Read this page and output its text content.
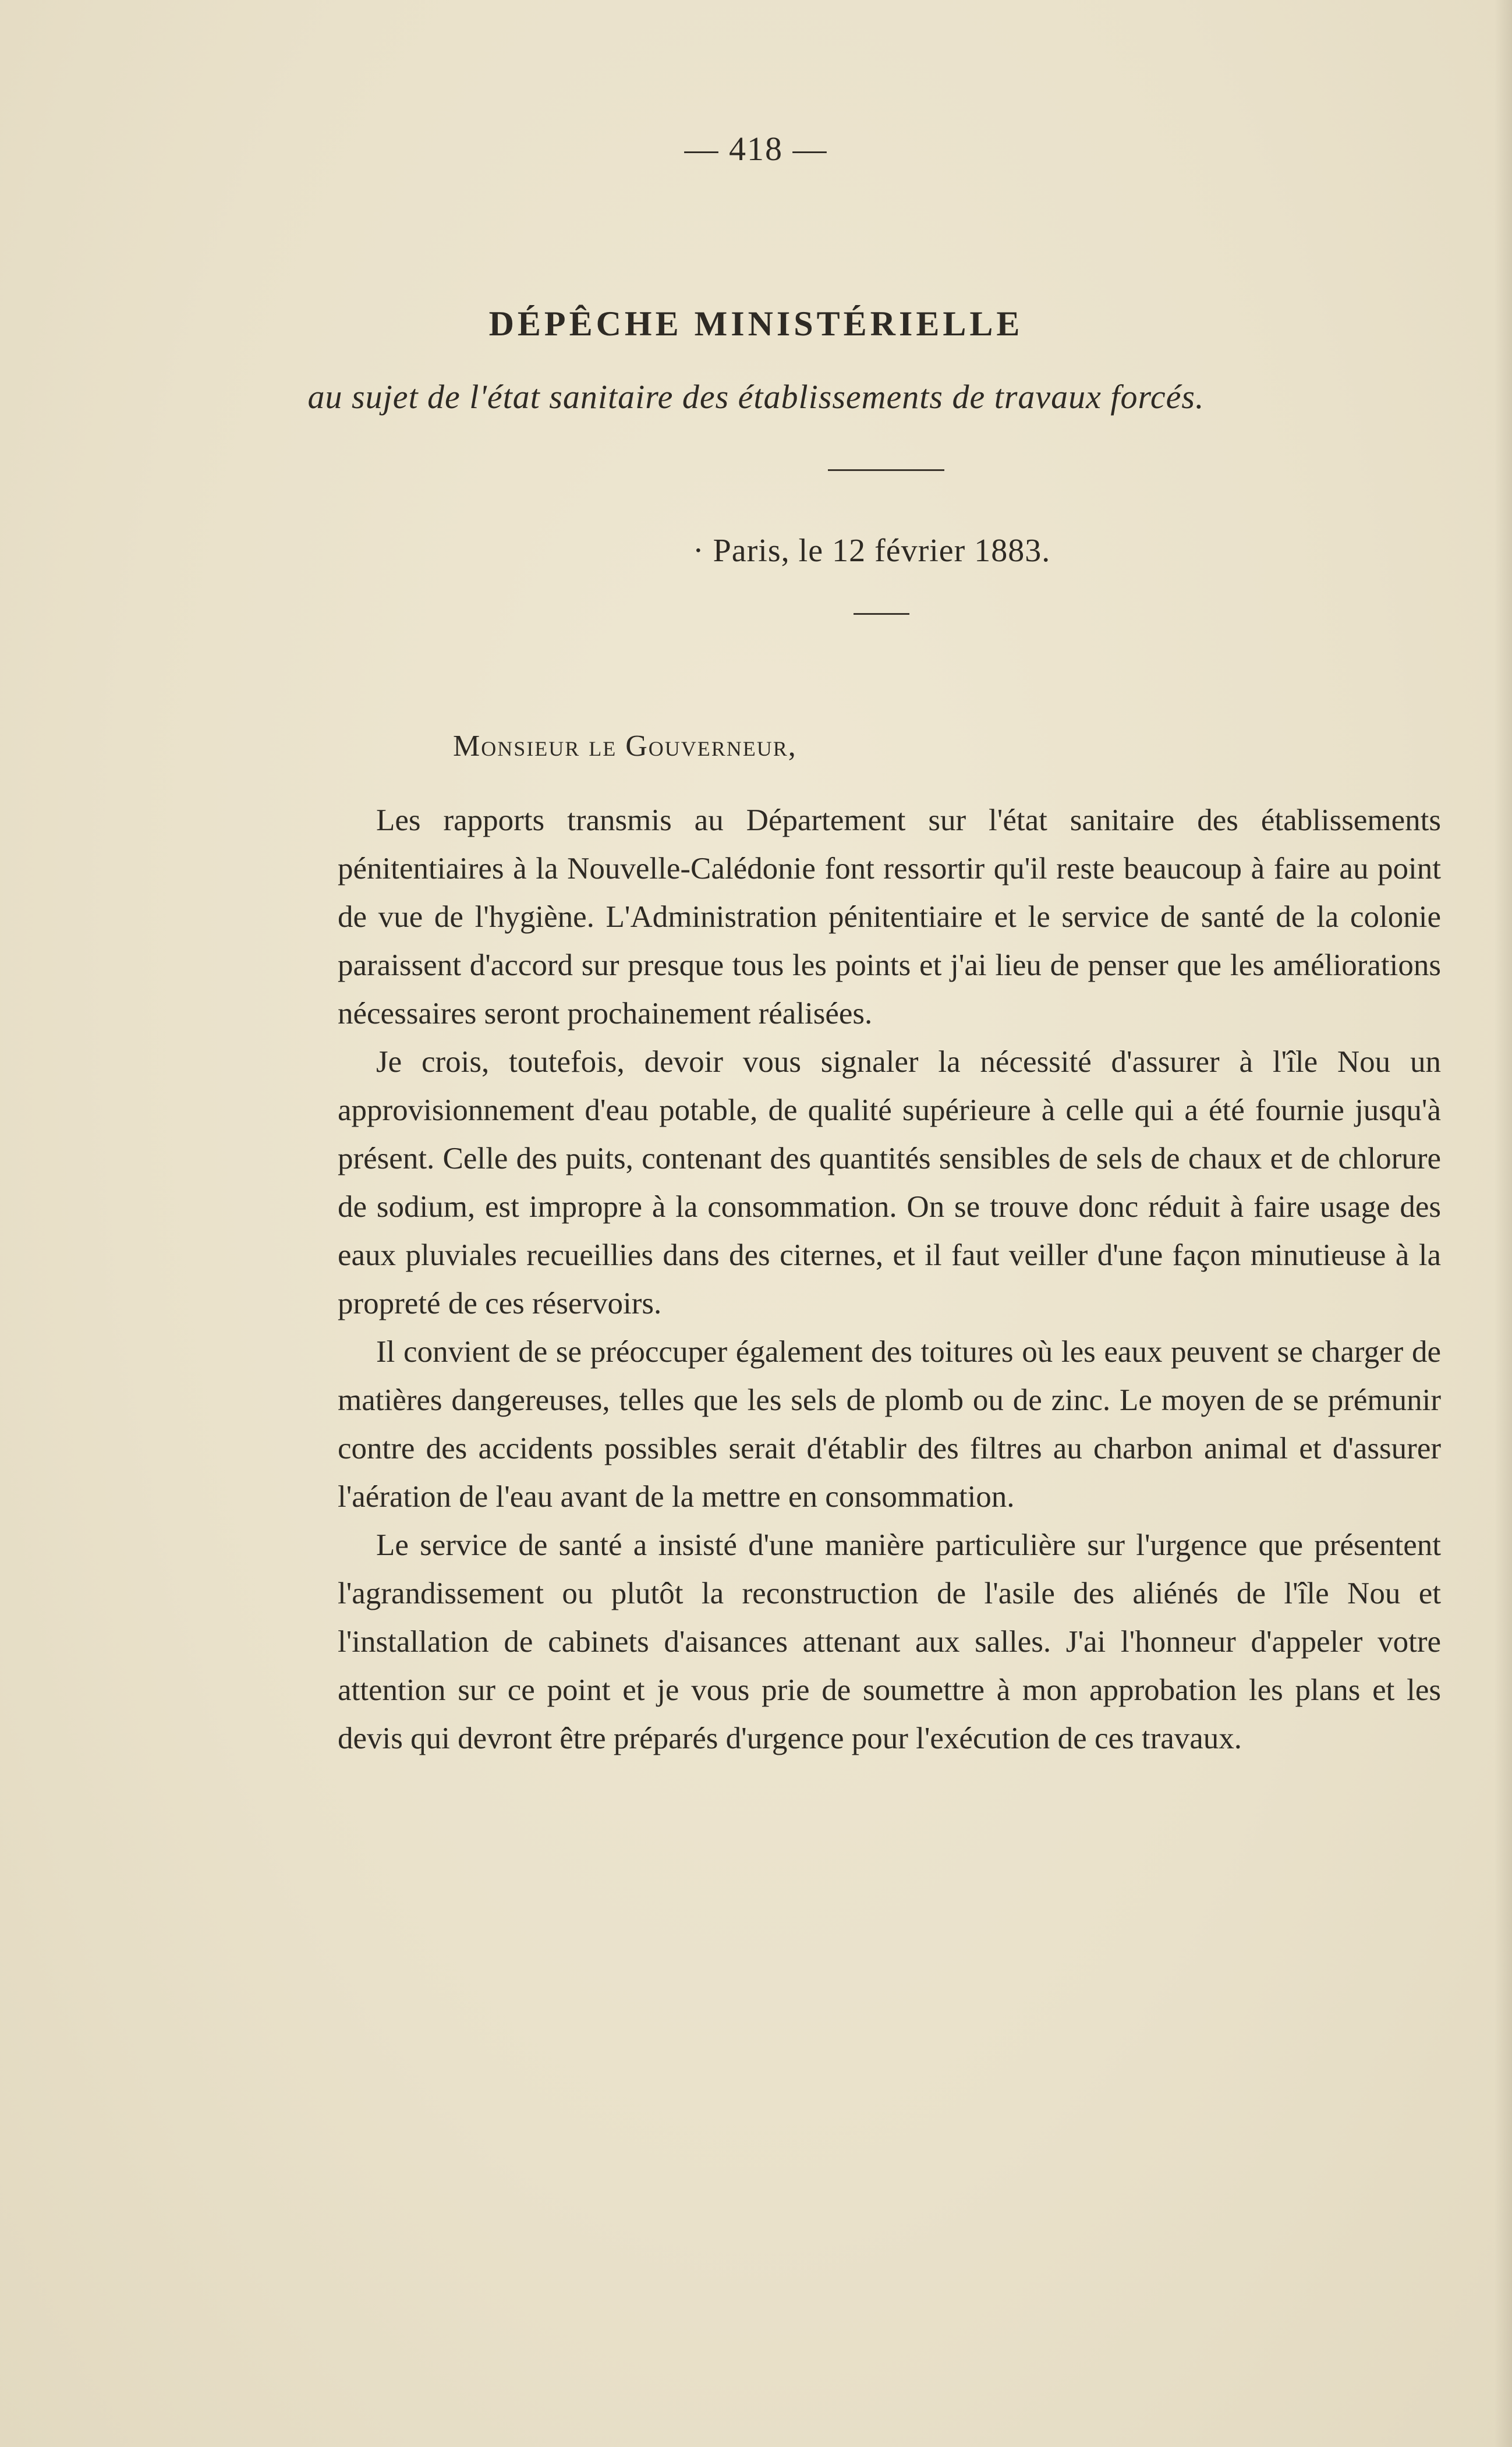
— 418 —
DÉPÊCHE MINISTÉRIELLE
au sujet de l'état sanitaire des établissements de travaux forcés.
· Paris, le 12 février 1883.
Monsieur le Gouverneur,

Les rapports transmis au Département sur l'état sanitaire des établissements pénitentiaires à la Nouvelle-Calédonie font ressortir qu'il reste beaucoup à faire au point de vue de l'hygiène. L'Administration pénitentiaire et le service de santé de la colonie paraissent d'accord sur presque tous les points et j'ai lieu de penser que les améliorations nécessaires seront prochainement réalisées.

Je crois, toutefois, devoir vous signaler la nécessité d'assurer à l'île Nou un approvisionnement d'eau potable, de qualité supérieure à celle qui a été fournie jusqu'à présent. Celle des puits, contenant des quantités sensibles de sels de chaux et de chlorure de sodium, est impropre à la consommation. On se trouve donc réduit à faire usage des eaux pluviales recueillies dans des citernes, et il faut veiller d'une façon minutieuse à la propreté de ces réservoirs.

Il convient de se préoccuper également des toitures où les eaux peuvent se charger de matières dangereuses, telles que les sels de plomb ou de zinc. Le moyen de se prémunir contre des accidents possibles serait d'établir des filtres au charbon animal et d'assurer l'aération de l'eau avant de la mettre en consommation.

Le service de santé a insisté d'une manière particulière sur l'urgence que présentent l'agrandissement ou plutôt la reconstruction de l'asile des aliénés de l'île Nou et l'installation de cabinets d'aisances attenant aux salles. J'ai l'honneur d'appeler votre attention sur ce point et je vous prie de soumettre à mon approbation les plans et les devis qui devront être préparés d'urgence pour l'exécution de ces travaux.
